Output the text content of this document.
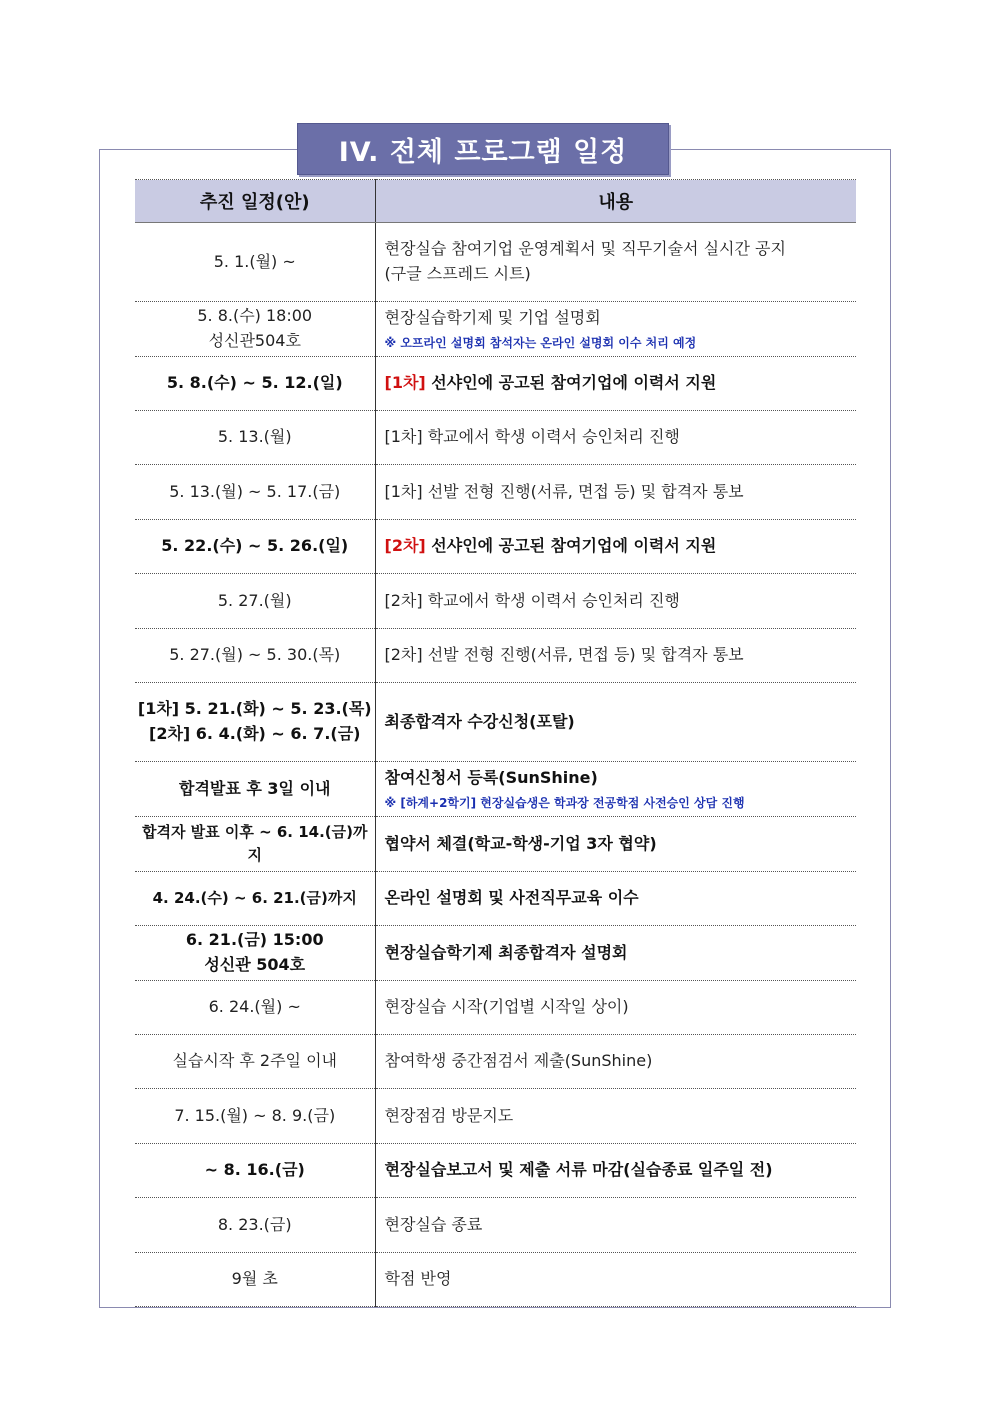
IV. 전체 프로그램 일정
추진 일정(안)	내용
5. 1.(월) ~	현장실습 참여기업 운영계획서 및 직무기술서 실시간 공지
(구글 스프레드 시트)
5. 8.(수) 18:00
성신관504호	현장실습학기제 및 기업 설명회
※ 오프라인 설명회 참석자는 온라인 설명회 이수 처리 예정

5. 8.(수) ~ 5. 12.(일)	[1차] 선샤인에 공고된 참여기업에 이력서 지원
5. 13.(월)	[1차] 학교에서 학생 이력서 승인처리 진행
5. 13.(월) ~ 5. 17.(금)	[1차] 선발 전형 진행(서류, 면접 등) 및 합격자 통보
5. 22.(수) ~ 5. 26.(일)	[2차] 선샤인에 공고된 참여기업에 이력서 지원
5. 27.(월)	[2차] 학교에서 학생 이력서 승인처리 진행
5. 27.(월) ~ 5. 30.(목)	[2차] 선발 전형 진행(서류, 면접 등) 및 합격자 통보
[1차] 5. 21.(화) ~ 5. 23.(목)
[2차] 6. 4.(화) ~ 6. 7.(금)	최종합격자 수강신청(포탈)
합격발표 후 3일 이내	참여신청서 등록(SunShine)
※ [하계+2학기] 현장실습생은 학과장 전공학점 사전승인 상담 진행

합격자 발표 이후 ~ 6. 14.(금)까지	협약서 체결(학교-학생-기업 3자 협약)
4. 24.(수) ~ 6. 21.(금)까지	온라인 설명회 및 사전직무교육 이수
6. 21.(금) 15:00
성신관 504호	현장실습학기제 최종합격자 설명회
6. 24.(월) ~	현장실습 시작(기업별 시작일 상이)
실습시작 후 2주일 이내	참여학생 중간점검서 제출(SunShine)
7. 15.(월) ~ 8. 9.(금)	현장점검 방문지도
~ 8. 16.(금)	현장실습보고서 및 제출 서류 마감(실습종료 일주일 전)
8. 23.(금)	현장실습 종료
9월 초	학점 반영
